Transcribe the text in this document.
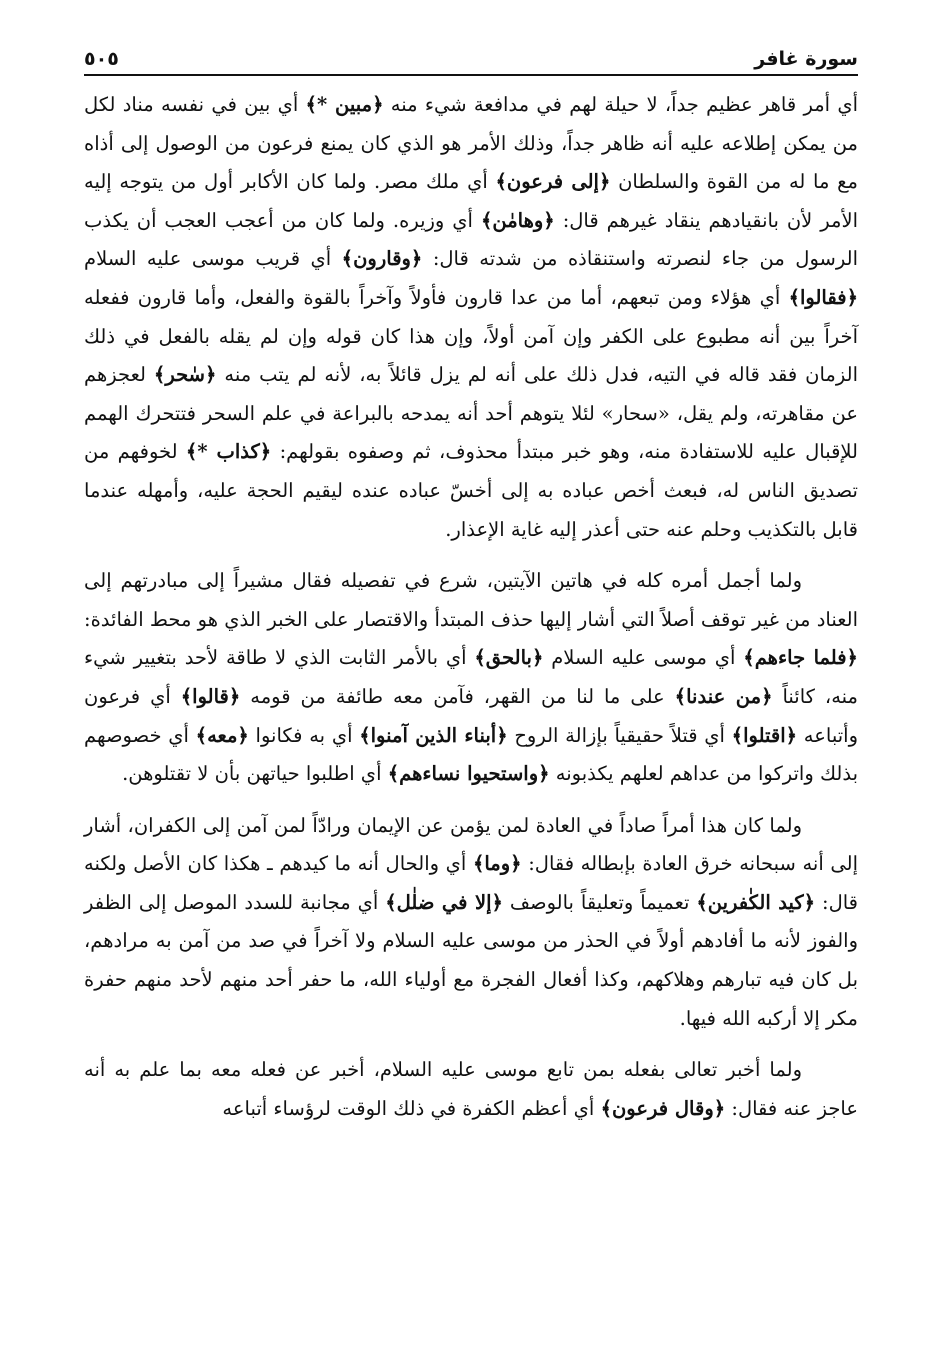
سورة غافر
٥٠٥

أي أمر قاهر عظيم جداً، لا حيلة لهم في مدافعة شيء منه ﴿مبين *﴾ أي بين في نفسه مناد لكل من يمكن إطلاعه عليه أنه ظاهر جداً، وذلك الأمر هو الذي كان يمنع فرعون من الوصول إلى أذاه مع ما له من القوة والسلطان ﴿إلى فرعون﴾ أي ملك مصر. ولما كان الأكابر أول من يتوجه إليه الأمر لأن بانقيادهم ينقاد غيرهم قال: ﴿وهامٰن﴾ أي وزيره. ولما كان من أعجب العجب أن يكذب الرسول من جاء لنصرته واستنقاذه من شدته قال: ﴿وقارون﴾ أي قريب موسى عليه السلام ﴿فقالوا﴾ أي هؤلاء ومن تبعهم، أما من عدا قارون فأولاً وآخراً بالقوة والفعل، وأما قارون ففعله آخراً بين أنه مطبوع على الكفر وإن آمن أولاً، وإن هذا كان قوله وإن لم يقله بالفعل في ذلك الزمان فقد قاله في التيه، فدل ذلك على أنه لم يزل قائلاً به، لأنه لم يتب منه ﴿سٰحر﴾ لعجزهم عن مقاهرته، ولم يقل، «سحار» لئلا يتوهم أحد أنه يمدحه بالبراعة في علم السحر فتتحرك الهمم للإقبال عليه للاستفادة منه، وهو خبر مبتدأ محذوف، ثم وصفوه بقولهم: ﴿كذاب *﴾ لخوفهم من تصديق الناس له، فبعث أخص عباده به إلى أخسّ عباده عنده ليقيم الحجة عليه، وأمهله عندما قابل بالتكذيب وحلم عنه حتى أعذر إليه غاية الإعذار.

ولما أجمل أمره كله في هاتين الآيتين، شرع في تفصيله فقال مشيراً إلى مبادرتهم إلى العناد من غير توقف أصلاً التي أشار إليها حذف المبتدأ والاقتصار على الخبر الذي هو محط الفائدة: ﴿فلما جاءهم﴾ أي موسى عليه السلام ﴿بالحق﴾ أي بالأمر الثابت الذي لا طاقة لأحد بتغيير شيء منه، كائناً ﴿من عندنا﴾ على ما لنا من القهر، فآمن معه طائفة من قومه ﴿قالوا﴾ أي فرعون وأتباعه ﴿اقتلوا﴾ أي قتلاً حقيقياً بإزالة الروح ﴿أبناء الذين آمنوا﴾ أي به فكانوا ﴿معه﴾ أي خصوصهم بذلك واتركوا من عداهم لعلهم يكذبونه ﴿واستحيوا نساءهم﴾ أي اطلبوا حياتهن بأن لا تقتلوهن.

ولما كان هذا أمراً صاداً في العادة لمن يؤمن عن الإيمان ورادّاً لمن آمن إلى الكفران، أشار إلى أنه سبحانه خرق العادة بإبطاله فقال: ﴿وما﴾ أي والحال أنه ما كيدهم ـ هكذا كان الأصل ولكنه قال: ﴿كيد الكٰفرين﴾ تعميماً وتعليقاً بالوصف ﴿إلا في ضلٰل﴾ أي مجانبة للسدد الموصل إلى الظفر والفوز لأنه ما أفادهم أولاً في الحذر من موسى عليه السلام ولا آخراً في صد من آمن به مرادهم، بل كان فيه تبارهم وهلاكهم، وكذا أفعال الفجرة مع أولياء الله، ما حفر أحد منهم لأحد منهم حفرة مكر إلا أركبه الله فيها.

ولما أخبر تعالى بفعله بمن تابع موسى عليه السلام، أخبر عن فعله معه بما علم به أنه عاجز عنه فقال: ﴿وقال فرعون﴾ أي أعظم الكفرة في ذلك الوقت لرؤساء أتباعه
